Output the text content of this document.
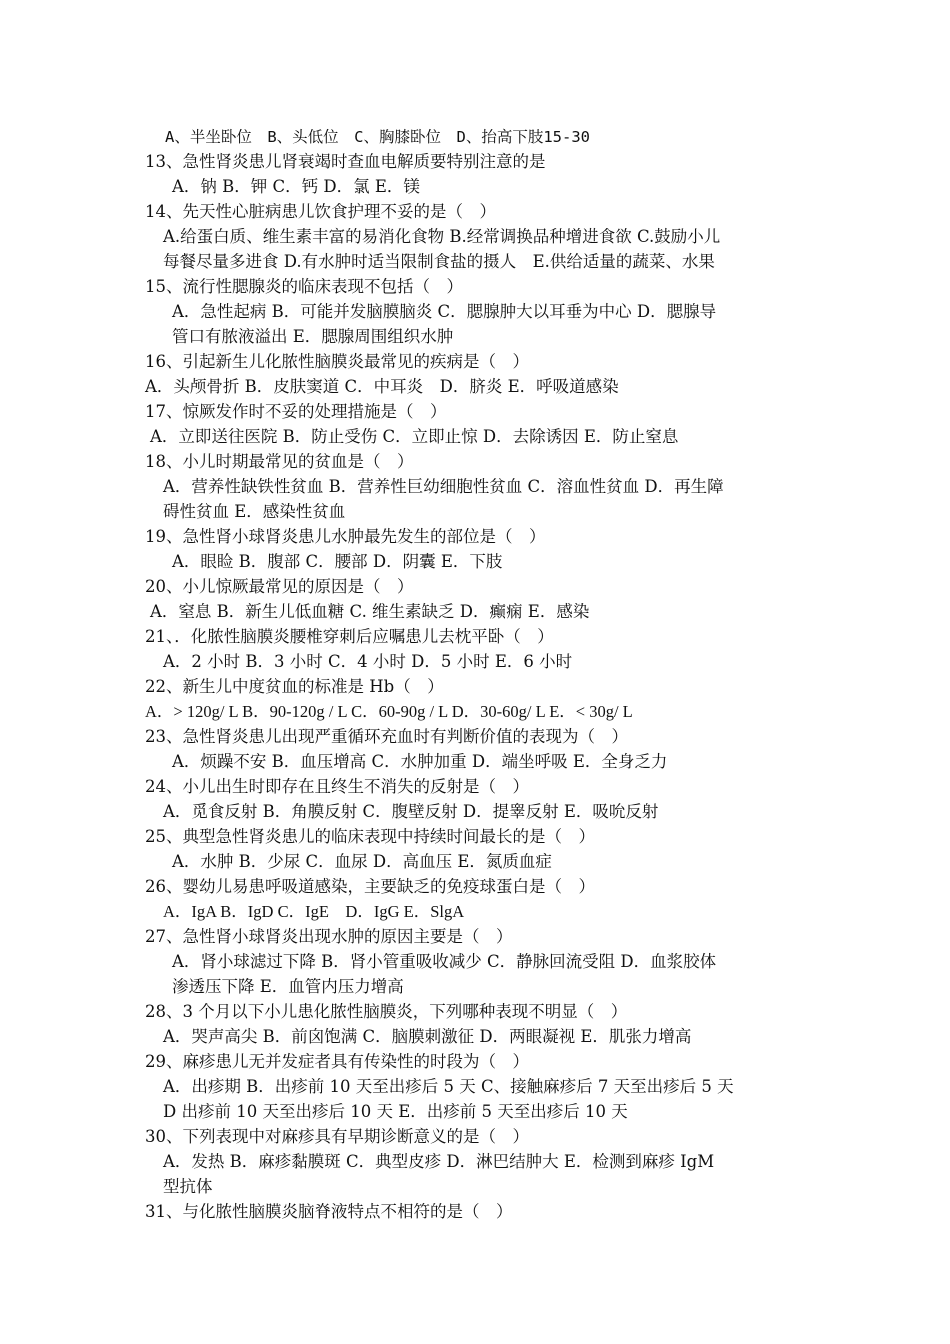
A、半坐卧位　B、头低位　C、胸膝卧位　D、抬高下肢15-30
13、急性肾炎患儿肾衰竭时查血电解质要特别注意的是
A．钠 B．钾 C．钙 D．氯 E．镁
14、先天性心脏病患儿饮食护理不妥的是（　）
A.给蛋白质、维生素丰富的易消化食物 B.经常调换品种增进食欲 C.鼓励小儿
每餐尽量多进食 D.有水肿时适当限制食盐的摄人　E.供给适量的蔬菜、水果
15、流行性腮腺炎的临床表现不包括（　）
A．急性起病 B．可能并发脑膜脑炎 C．腮腺肿大以耳垂为中心 D．腮腺导
管口有脓液溢出 E．腮腺周围组织水肿
16、引起新生儿化脓性脑膜炎最常见的疾病是（　）
A．头颅骨折 B．皮肤窦道 C．中耳炎　D．脐炎 E．呼吸道感染
17、惊厥发作时不妥的处理措施是（　）
A．立即送往医院 B．防止受伤 C．立即止惊 D．去除诱因 E．防止窒息
18、小儿时期最常见的贫血是（　）
A．营养性缺铁性贫血 B．营养性巨幼细胞性贫血 C．溶血性贫血 D．再生障
碍性贫血 E．感染性贫血
19、急性肾小球肾炎患儿水肿最先发生的部位是（　）
A．眼睑 B．腹部 C．腰部 D．阴囊 E．下肢
20、小儿惊厥最常见的原因是（　）
A．窒息 B．新生儿低血糖 C. 维生素缺乏 D．癫痫 E．感染
21、．化脓性脑膜炎腰椎穿刺后应嘱患儿去枕平卧（　）
A．2 小时 B．3 小时 C．4 小时 D．5 小时 E．6 小时
22、新生儿中度贫血的标准是 Hb（　）
A．> 120g/ L B．90-120g / L C．60-90g / L D．30-60g/ L E．< 30g/ L
23、急性肾炎患儿出现严重循环充血时有判断价值的表现为（　）
A．烦躁不安 B．血压增高 C．水肿加重 D．端坐呼吸 E．全身乏力
24、小儿出生时即存在且终生不消失的反射是（　）
A．觅食反射 B．角膜反射 C．腹壁反射 D．提睾反射 E．吸吮反射
25、典型急性肾炎患儿的临床表现中持续时间最长的是（　）
A．水肿 B．少尿 C．血尿 D．高血压 E．氮质血症
26、婴幼儿易患呼吸道感染，主要缺乏的免疫球蛋白是（　）
A．IgA B．IgD C．IgE　D．IgG E．SlgA
27、急性肾小球肾炎出现水肿的原因主要是（　）
A．肾小球滤过下降 B．肾小管重吸收减少 C．静脉回流受阻 D．血浆胶体
渗透压下降 E．血管内压力增高
28、3 个月以下小儿患化脓性脑膜炎，下列哪种表现不明显（　）
A．哭声高尖 B．前囟饱满 C．脑膜刺激征 D．两眼凝视 E．肌张力增高
29、麻疹患儿无并发症者具有传染性的时段为（　）
A．出疹期 B．出疹前 10 天至出疹后 5 天 C、接触麻疹后 7 天至出疹后 5 天
D 出疹前 10 天至出疹后 10 天 E．出疹前 5 天至出疹后 10 天
30、下列表现中对麻疹具有早期诊断意义的是（　）
A．发热 B．麻疹黏膜斑 C．典型皮疹 D．淋巴结肿大 E．检测到麻疹 IgM
型抗体
31、与化脓性脑膜炎脑脊液特点不相符的是（　）
